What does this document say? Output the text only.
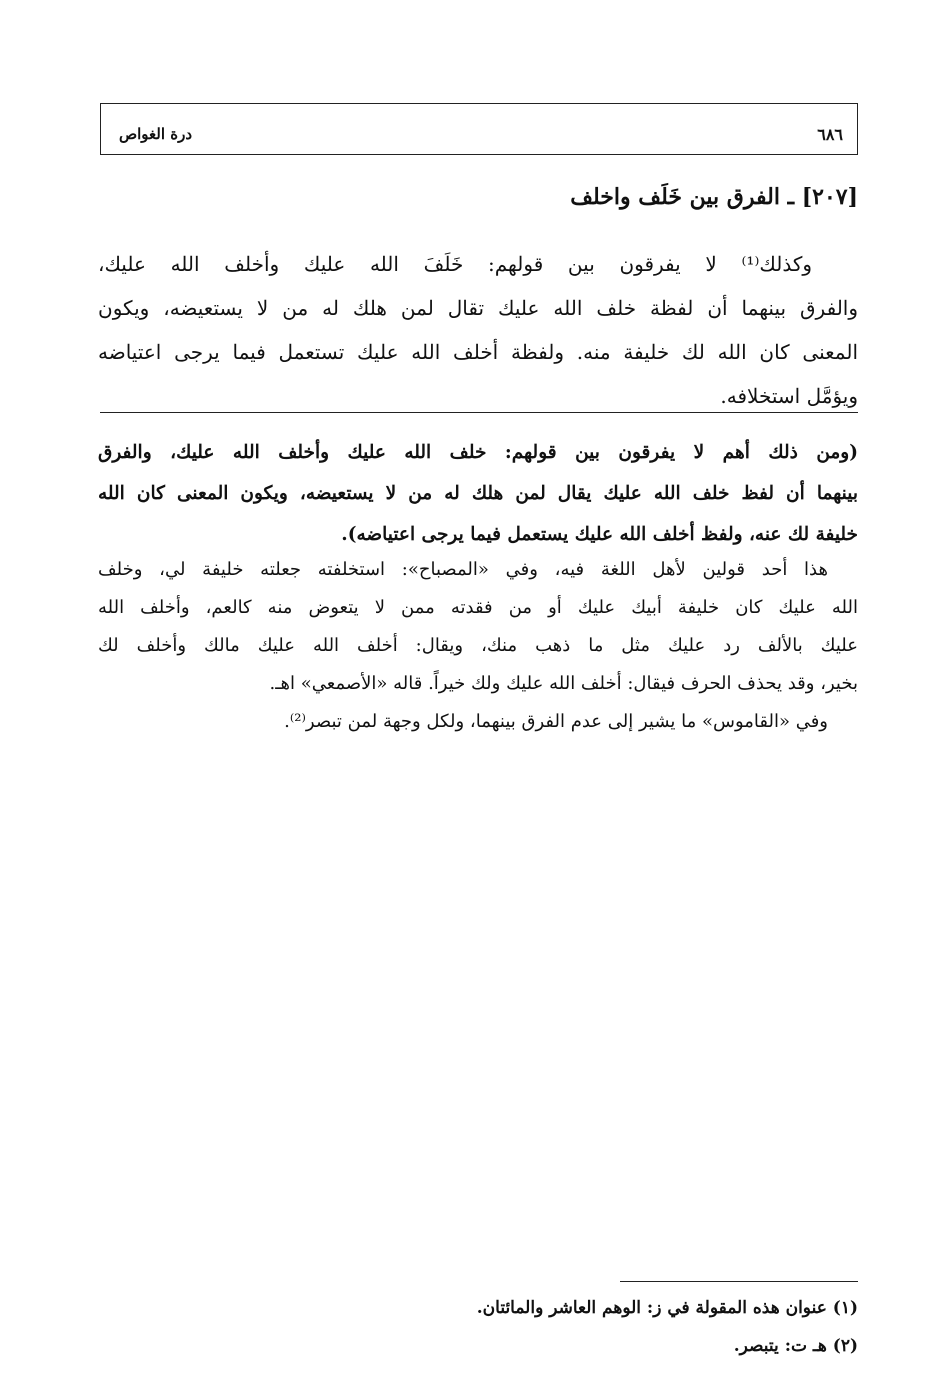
٦٨٦
درة الغواص
[٢٠٧] ـ الفرق بين خَلَف واخلف
وكذلك⁽¹⁾ لا يفرقون بين قولهم: خَلَفَ الله عليك وأخلف الله عليك،
والفرق بينهما أن لفظة خلف الله عليك تقال لمن هلك له من لا يستعيضه، ويكون
المعنى كان الله لك خليفة منه. ولفظة أخلف الله عليك تستعمل فيما يرجى اعتياضه
ويؤمَّل استخلافه.
(ومن ذلك أهم لا يفرقون بين قولهم: خلف الله عليك وأخلف الله عليك، والفرق
بينهما أن لفظ خلف الله عليك يقال لمن هلك له من لا يستعيضه، ويكون المعنى كان الله
خليفة لك عنه، ولفظ أخلف الله عليك يستعمل فيما يرجى اعتياضه).
هذا أحد قولين لأهل اللغة فيه، وفي «المصباح»: استخلفته جعلته خليفة لي، وخلف
الله عليك كان خليفة أبيك عليك أو من فقدته ممن لا يتعوض منه كالعم، وأخلف الله
عليك بالألف رد عليك مثل ما ذهب منك، ويقال: أخلف الله عليك مالك وأخلف لك
بخير، وقد يحذف الحرف فيقال: أخلف الله عليك ولك خيراً. قاله «الأصمعي» اهـ.
وفي «القاموس» ما يشير إلى عدم الفرق بينهما، ولكل وجهة لمن تبصر⁽²⁾.
(١) عنوان هذه المقولة في ز: الوهم العاشر والمائتان.
(٢) هـ ت: يتبصر.
